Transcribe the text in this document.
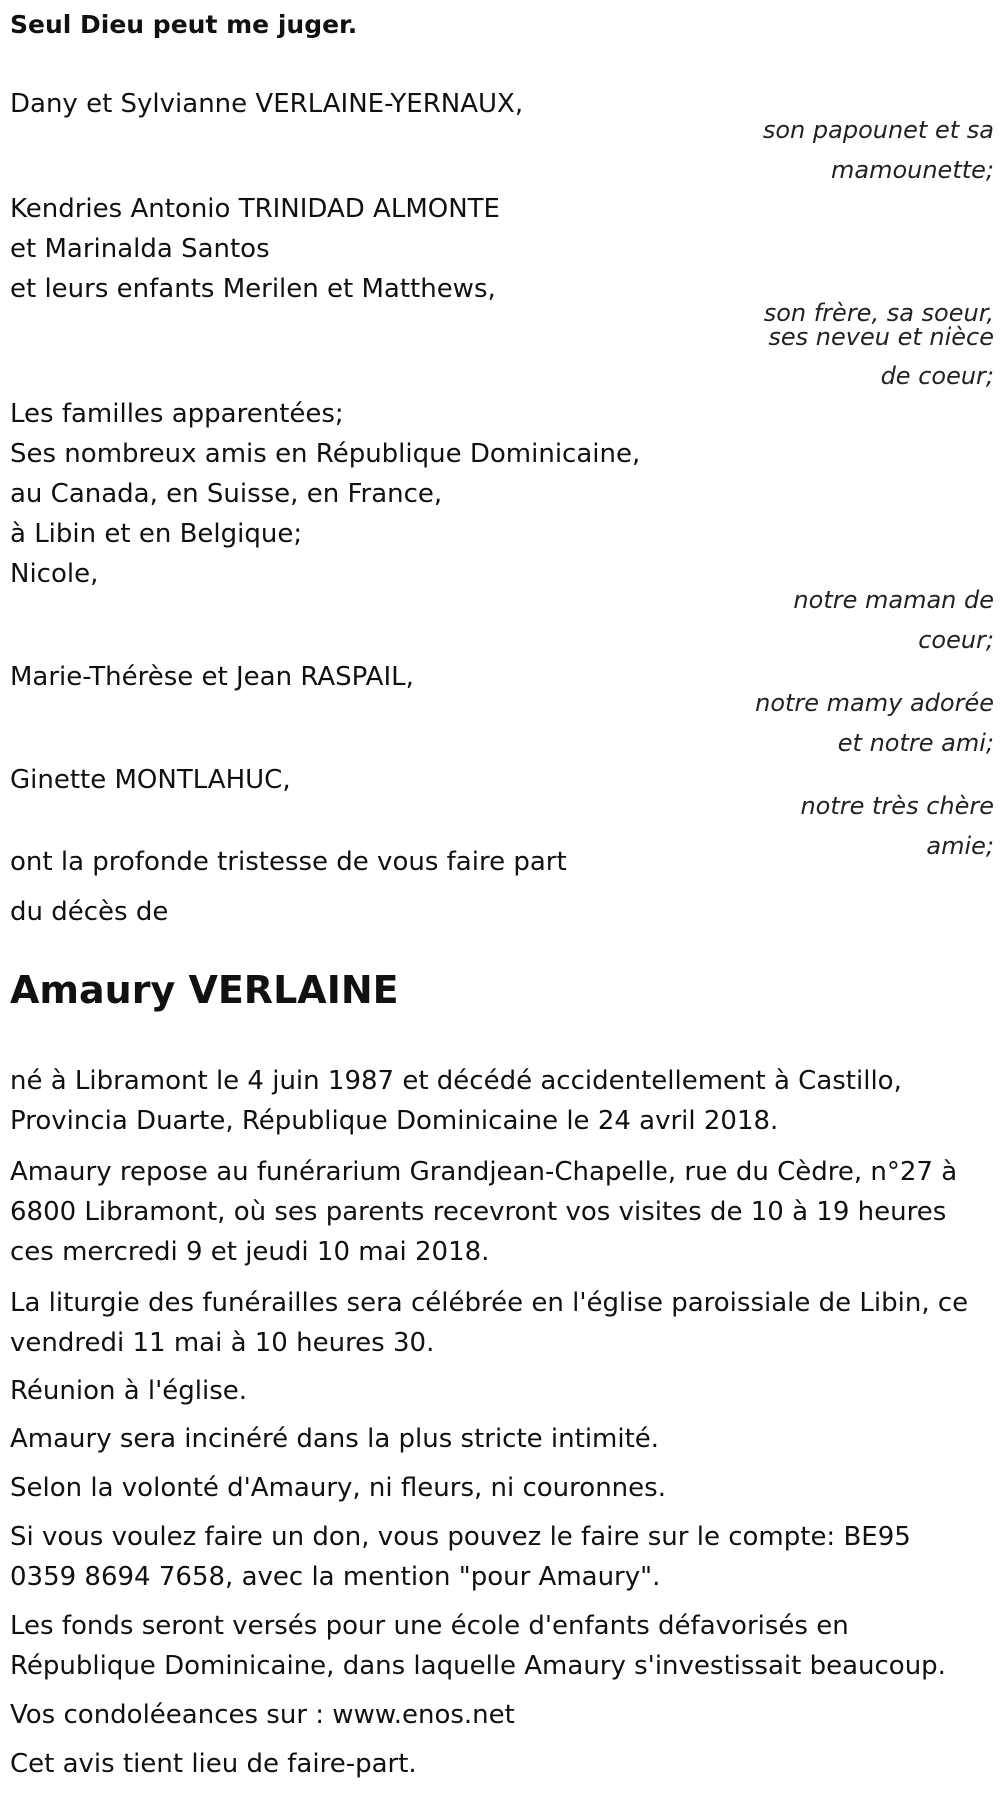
Seul Dieu peut me juger.
Dany et Sylvianne VERLAINE-YERNAUX,
son papounet et sa
mamounette;
Kendries Antonio TRINIDAD ALMONTE
et Marinalda Santos
et leurs enfants Merilen et Matthews,
son frère, sa soeur,
ses neveu et nièce
de coeur;
Les familles apparentées;
Ses nombreux amis en République Dominicaine,
au Canada, en Suisse, en France,
à Libin et en Belgique;
Nicole,
notre maman de
coeur;
Marie-Thérèse et Jean RASPAIL,
notre mamy adorée
et notre ami;
Ginette MONTLAHUC,
notre très chère
amie;
ont la profonde tristesse de vous faire part
du décès de
Amaury VERLAINE
né à Libramont le 4 juin 1987 et décédé accidentellement à Castillo, Provincia Duarte, République Dominicaine le 24 avril 2018.
Amaury repose au funérarium Grandjean-Chapelle, rue du Cèdre, n°27 à 6800 Libramont, où ses parents recevront vos visites de 10 à 19 heures ces mercredi 9 et jeudi 10 mai 2018.
La liturgie des funérailles sera célébrée en l'église paroissiale de Libin, ce vendredi 11 mai à 10 heures 30.
Réunion à l'église.
Amaury sera incinéré dans la plus stricte intimité.
Selon la volonté d'Amaury, ni fleurs, ni couronnes.
Si vous voulez faire un don, vous pouvez le faire sur le compte: BE95 0359 8694 7658, avec la mention "pour Amaury".
Les fonds seront versés pour une école d'enfants défavorisés en République Dominicaine, dans laquelle Amaury s'investissait beaucoup.
Vos condoléeances sur : www.enos.net
Cet avis tient lieu de faire-part.
